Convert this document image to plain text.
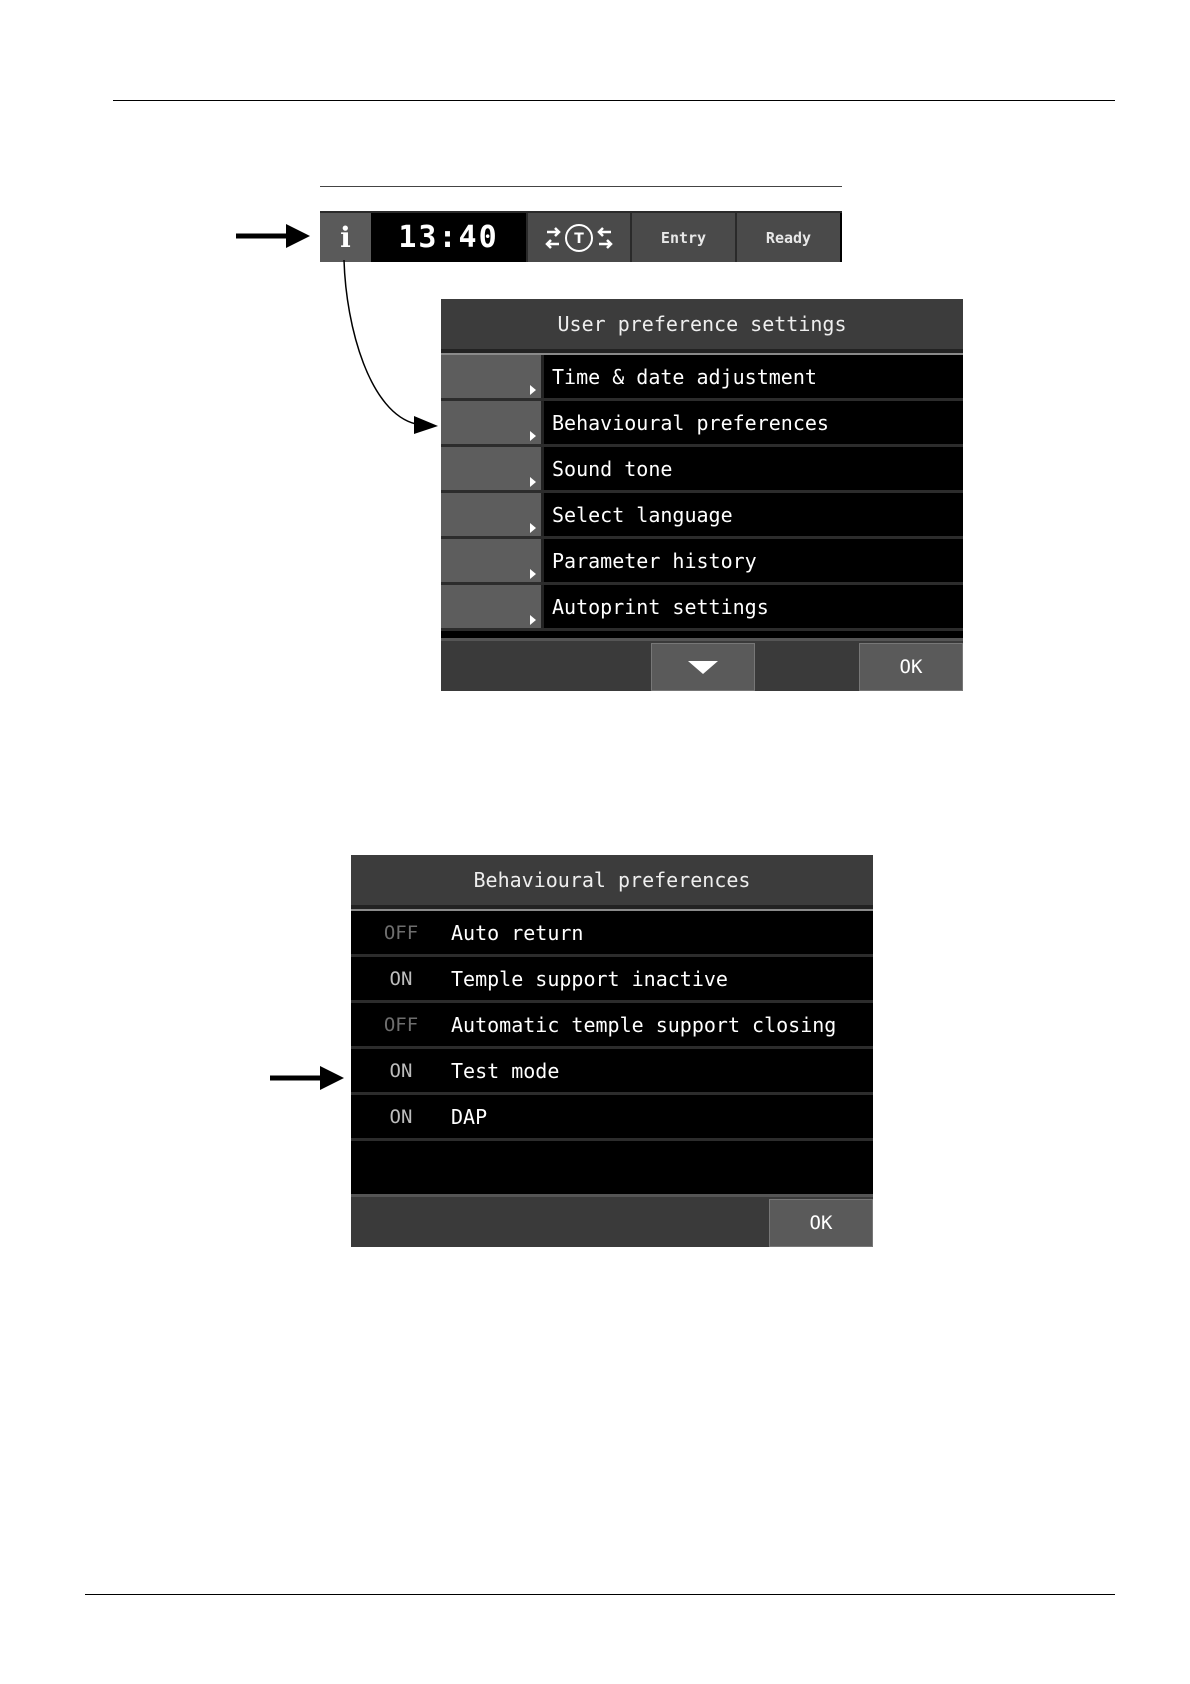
i	13:40	T	Entry	Ready
User preference settings
Time & date adjustment
Behavioural preferences
Sound tone
Select language
Parameter history
Autoprint settings
OK
Behavioural preferences
OFF	Auto return
ON	Temple support inactive
OFF	Automatic temple support closing
ON	Test mode
ON	DAP
OK
